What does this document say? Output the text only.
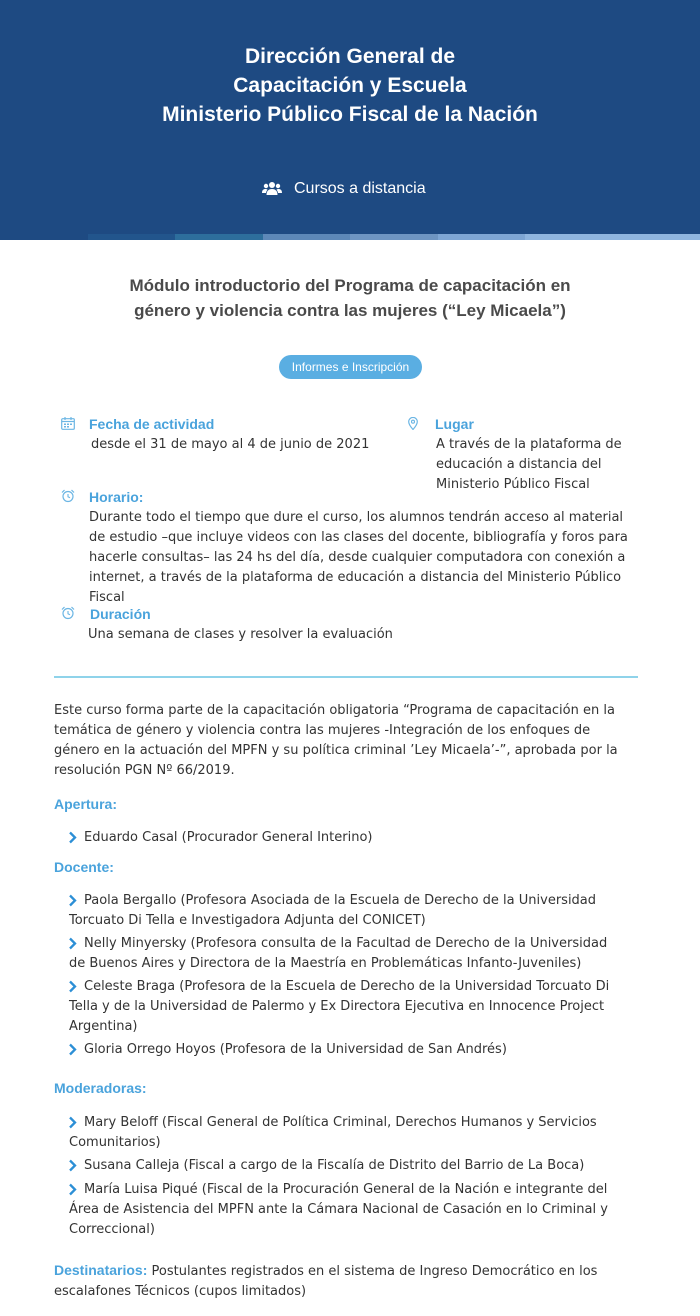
Dirección General de
Capacitación y Escuela
Ministerio Público Fiscal de la Nación
Cursos a distancia
Módulo introductorio del Programa de capacitación en
género y violencia contra las mujeres (“Ley Micaela”)
Informes e Inscripción
Fecha de actividad
desde el 31 de mayo al 4 de junio de 2021
Lugar
A través de la plataforma de
educación a distancia del
Ministerio Público Fiscal
Horario:
Durante todo el tiempo que dure el curso, los alumnos tendrán acceso al material
de estudio –que incluye videos con las clases del docente, bibliografía y foros para
hacerle consultas– las 24 hs del día, desde cualquier computadora con conexión a
internet, a través de la plataforma de educación a distancia del Ministerio Público Fiscal
Duración
Una semana de clases y resolver la evaluación

Este curso forma parte de la capacitación obligatoria “Programa de capacitación en la
temática de género y violencia contra las mujeres -Integración de los enfoques de
género en la actuación del MPFN y su política criminal ’Ley Micaela’-”, aprobada por la
resolución PGN Nº 66/2019.

Apertura:
Eduardo Casal (Procurador General Interino)
Docente:
Paola Bergallo (Profesora Asociada de la Escuela de Derecho de la Universidad
Torcuato Di Tella e Investigadora Adjunta del CONICET)
Nelly Minyersky (Profesora consulta de la Facultad de Derecho de la Universidad
de Buenos Aires y Directora de la Maestría en Problemáticas Infanto-Juveniles)
Celeste Braga (Profesora de la Escuela de Derecho de la Universidad Torcuato Di
Tella y de la Universidad de Palermo y Ex Directora Ejecutiva en Innocence Project
Argentina)
Gloria Orrego Hoyos (Profesora de la Universidad de San Andrés)
Moderadoras:
Mary Beloff (Fiscal General de Política Criminal, Derechos Humanos y Servicios
Comunitarios)
Susana Calleja (Fiscal a cargo de la Fiscalía de Distrito del Barrio de La Boca)
María Luisa Piqué (Fiscal de la Procuración General de la Nación e integrante del
Área de Asistencia del MPFN ante la Cámara Nacional de Casación en lo Criminal y
Correccional)
Destinatarios: Postulantes registrados en el sistema de Ingreso Democrático en los
escalafones Técnicos (cupos limitados)
